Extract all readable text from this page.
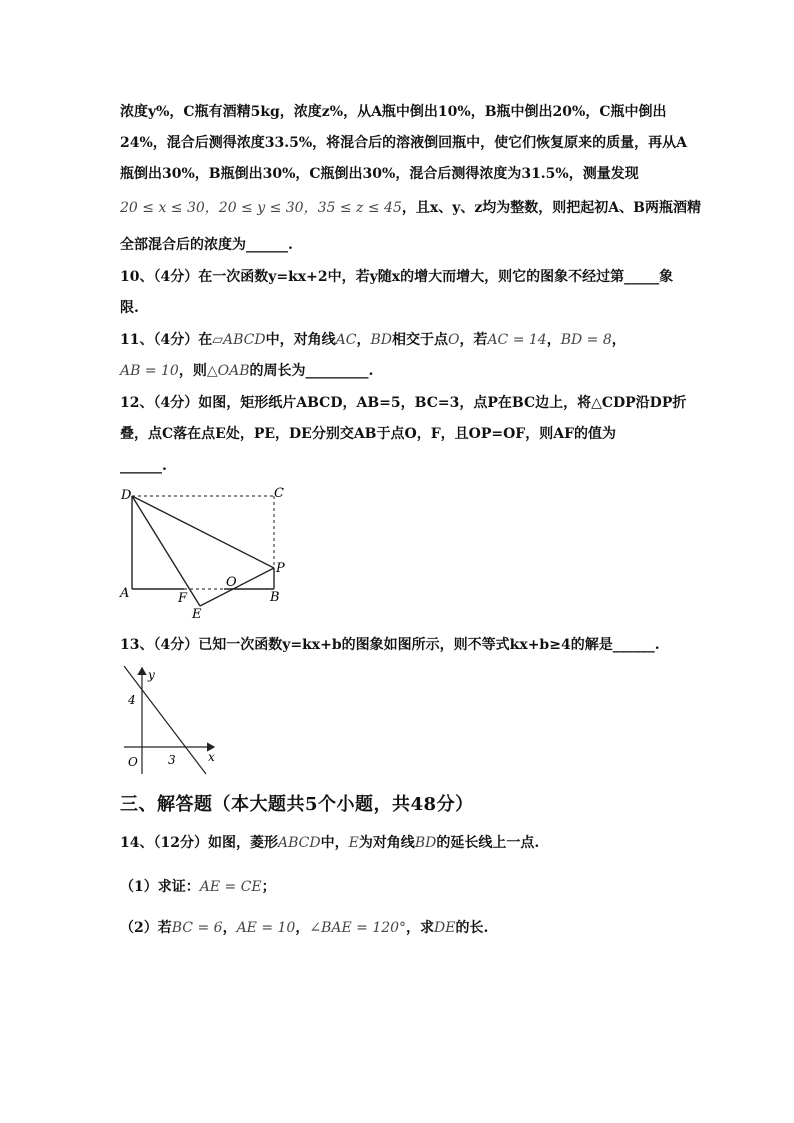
浓度y%，C瓶有酒精5kg，浓度z%，从A瓶中倒出10%，B瓶中倒出20%，C瓶中倒出
24%，混合后测得浓度33.5%，将混合后的溶液倒回瓶中，使它们恢复原来的质量，再从A
瓶倒出30%，B瓶倒出30%，C瓶倒出30%，混合后测得浓度为31.5%，测量发现
20 ≤ x ≤ 30，20 ≤ y ≤ 30，35 ≤ z ≤ 45，且x、y、z均为整数，则把起初A、B两瓶酒精
全部混合后的浓度为______.
10、（4分）在一次函数y=kx+2中，若y随x的增大而增大，则它的图象不经过第_____象
限.
11、（4分）在▱ABCD中，对角线AC，BD相交于点O，若AC = 14，BD = 8，
AB = 10，则△OAB的周长为_________.
12、（4分）如图，矩形纸片ABCD，AB=5，BC=3，点P在BC边上，将△CDP沿DP折
叠，点C落在点E处，PE，DE分别交AB于点O，F，且OP=OF，则AF的值为
______.
D	C
A	B
P
O
F
E
13、（4分）已知一次函数y=kx+b的图象如图所示，则不等式kx+b≥4的解是______.
y
x
4
3
O
三、解答题（本大题共5个小题，共48分）
14、（12分）如图，菱形ABCD中，E为对角线BD的延长线上一点.
（1）求证：AE = CE；
（2）若BC = 6，AE = 10，∠BAE = 120°，求DE的长.
